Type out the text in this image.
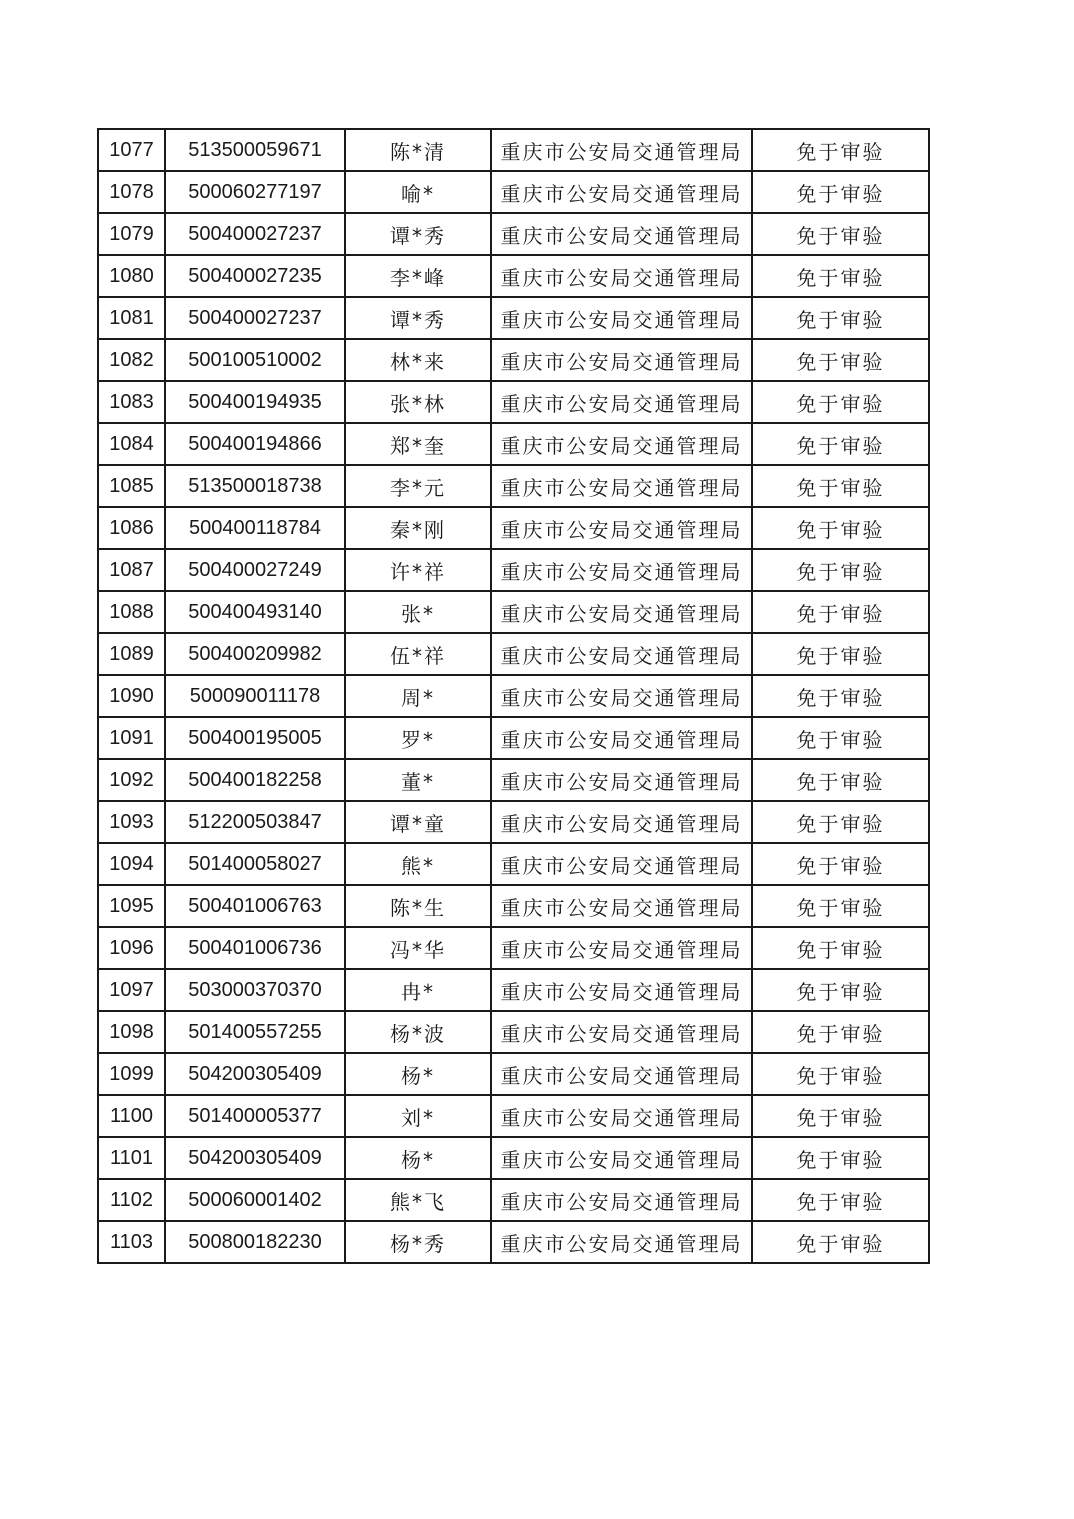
1077	513500059671	陈*清	重庆市公安局交通管理局	免于审验
1078	500060277197	喻*	重庆市公安局交通管理局	免于审验
1079	500400027237	谭*秀	重庆市公安局交通管理局	免于审验
1080	500400027235	李*峰	重庆市公安局交通管理局	免于审验
1081	500400027237	谭*秀	重庆市公安局交通管理局	免于审验
1082	500100510002	林*来	重庆市公安局交通管理局	免于审验
1083	500400194935	张*林	重庆市公安局交通管理局	免于审验
1084	500400194866	郑*奎	重庆市公安局交通管理局	免于审验
1085	513500018738	李*元	重庆市公安局交通管理局	免于审验
1086	500400118784	秦*刚	重庆市公安局交通管理局	免于审验
1087	500400027249	许*祥	重庆市公安局交通管理局	免于审验
1088	500400493140	张*	重庆市公安局交通管理局	免于审验
1089	500400209982	伍*祥	重庆市公安局交通管理局	免于审验
1090	500090011178	周*	重庆市公安局交通管理局	免于审验
1091	500400195005	罗*	重庆市公安局交通管理局	免于审验
1092	500400182258	董*	重庆市公安局交通管理局	免于审验
1093	512200503847	谭*童	重庆市公安局交通管理局	免于审验
1094	501400058027	熊*	重庆市公安局交通管理局	免于审验
1095	500401006763	陈*生	重庆市公安局交通管理局	免于审验
1096	500401006736	冯*华	重庆市公安局交通管理局	免于审验
1097	503000370370	冉*	重庆市公安局交通管理局	免于审验
1098	501400557255	杨*波	重庆市公安局交通管理局	免于审验
1099	504200305409	杨*	重庆市公安局交通管理局	免于审验
1100	501400005377	刘*	重庆市公安局交通管理局	免于审验
1101	504200305409	杨*	重庆市公安局交通管理局	免于审验
1102	500060001402	熊*飞	重庆市公安局交通管理局	免于审验
1103	500800182230	杨*秀	重庆市公安局交通管理局	免于审验
